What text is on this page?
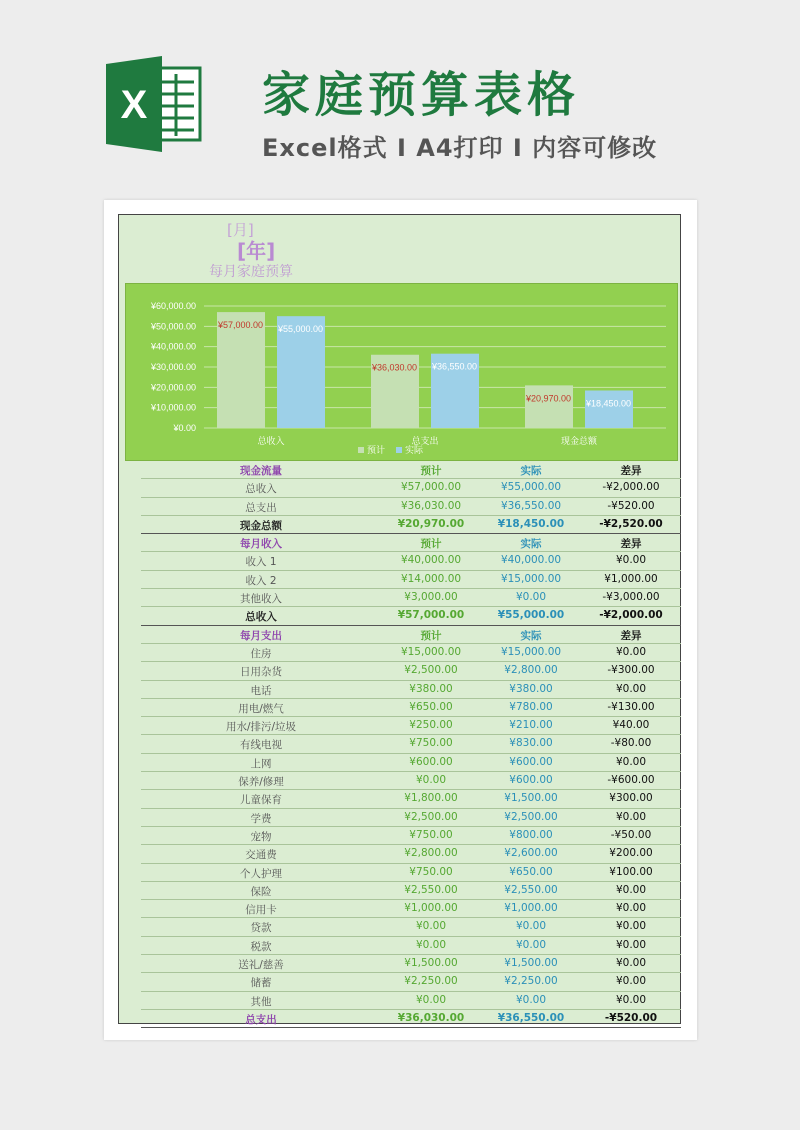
X 家庭预算表格
Excel格式 I A4打印 I 内容可修改
[月]
[年]
每月家庭预算
¥0.00
¥10,000.00
¥20,000.00
¥30,000.00
¥40,000.00
¥50,000.00
¥60,000.00
¥57,000.00 ¥55,000.00
总收入
¥36,030.00 ¥36,550.00
总支出
¥20,970.00
¥18,450.00
现金总额
预计 实际
现金流量	预计	实际	差异
总收入	¥57,000.00	¥55,000.00	-¥2,000.00
总支出	¥36,030.00	¥36,550.00	-¥520.00
现金总额	¥20,970.00	¥18,450.00	-¥2,520.00
每月收入	预计	实际	差异
收入 1	¥40,000.00	¥40,000.00	¥0.00
收入 2	¥14,000.00	¥15,000.00	¥1,000.00
其他收入	¥3,000.00	¥0.00	-¥3,000.00
总收入	¥57,000.00	¥55,000.00	-¥2,000.00
每月支出	预计	实际	差异
住房	¥15,000.00	¥15,000.00	¥0.00
日用杂货	¥2,500.00	¥2,800.00	-¥300.00
电话	¥380.00	¥380.00	¥0.00
用电/燃气	¥650.00	¥780.00	-¥130.00
用水/排污/垃圾	¥250.00	¥210.00	¥40.00
有线电视	¥750.00	¥830.00	-¥80.00
上网	¥600.00	¥600.00	¥0.00
保养/修理	¥0.00	¥600.00	-¥600.00
儿童保育	¥1,800.00	¥1,500.00	¥300.00
学费	¥2,500.00	¥2,500.00	¥0.00
宠物	¥750.00	¥800.00	-¥50.00
交通费	¥2,800.00	¥2,600.00	¥200.00
个人护理	¥750.00	¥650.00	¥100.00
保险	¥2,550.00	¥2,550.00	¥0.00
信用卡	¥1,000.00	¥1,000.00	¥0.00
贷款	¥0.00	¥0.00	¥0.00
税款	¥0.00	¥0.00	¥0.00
送礼/慈善	¥1,500.00	¥1,500.00	¥0.00
储蓄	¥2,250.00	¥2,250.00	¥0.00
其他	¥0.00	¥0.00	¥0.00
总支出	¥36,030.00	¥36,550.00	-¥520.00
